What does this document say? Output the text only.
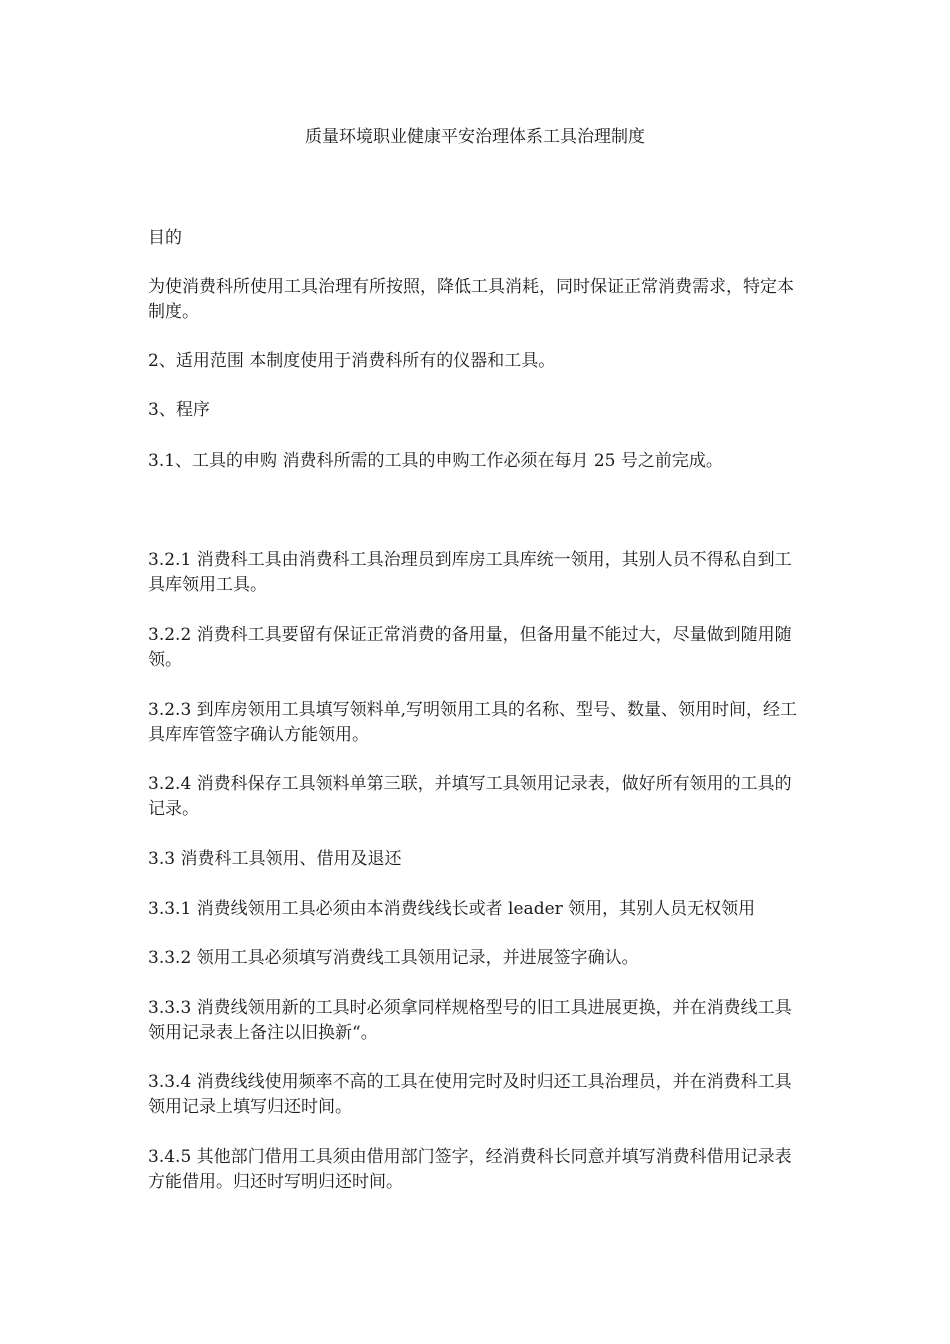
质量环境职业健康平安治理体系工具治理制度

目的

为使消费科所使用工具治理有所按照，降低工具消耗，同时保证正常消费需求，特定本制度。

2、适用范围 本制度使用于消费科所有的仪器和工具。

3、程序

3.1、工具的申购 消费科所需的工具的申购工作必须在每月 25 号之前完成。

3.2.1 消费科工具由消费科工具治理员到库房工具库统一领用，其别人员不得私自到工具库领用工具。

3.2.2 消费科工具要留有保证正常消费的备用量，但备用量不能过大，尽量做到随用随领。

3.2.3 到库房领用工具填写领料单,写明领用工具的名称、型号、数量、领用时间，经工具库库管签字确认方能领用。

3.2.4 消费科保存工具领料单第三联，并填写工具领用记录表，做好所有领用的工具的记录。

3.3 消费科工具领用、借用及退还

3.3.1 消费线领用工具必须由本消费线线长或者 leader 领用，其别人员无权领用

3.3.2 领用工具必须填写消费线工具领用记录，并进展签字确认。

3.3.3 消费线领用新的工具时必须拿同样规格型号的旧工具进展更换，并在消费线工具领用记录表上备注以旧换新“。

3.3.4 消费线线使用频率不高的工具在使用完时及时归还工具治理员，并在消费科工具领用记录上填写归还时间。

3.4.5 其他部门借用工具须由借用部门签字，经消费科长同意并填写消费科借用记录表方能借用。归还时写明归还时间。
